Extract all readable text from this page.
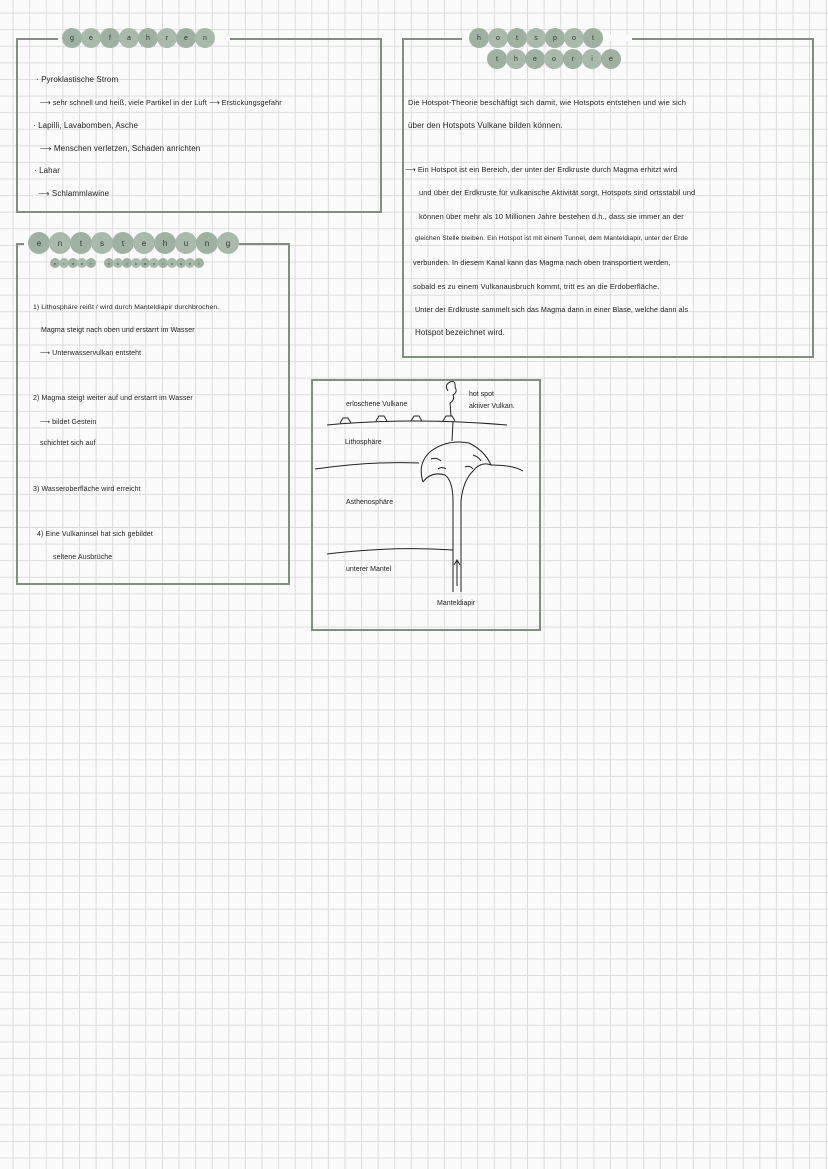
g	e	f	a	h	r	e	n
· Pyroklastische Strom
⟶ sehr schnell und heiß, viele Partikel in der Luft ⟶ Erstickungsgefahr
· Lapilli, Lavabomben, Asche
⟶ Menschen verletzen, Schaden anrichten
· Lahar
⟶ Schlammlawine
h	o	t	s	p	o	t
t	h	e	o	r	i	e
Die Hotspot-Theorie beschäftigt sich damit, wie Hotspots entstehen und wie sich
über den Hotspots Vulkane bilden können.
⟶ Ein Hotspot ist ein Bereich, der unter der Erdkruste durch Magma erhitzt wird
und über der Erdkruste für vulkanische Aktivität sorgt. Hotspots sind ortsstabil und
können über mehr als 10 Millionen Jahre bestehen d.h., dass sie immer an der
gleichen Stelle bleiben. Ein Hotspot ist mit einem Tunnel, dem Manteldiapir, unter der Erde
verbunden. In diesem Kanal kann das Magma nach oben transportiert werden,
sobald es zu einem Vulkanausbruch kommt, tritt es an die Erdoberfläche.
Unter der Erdkruste sammelt sich das Magma dann in einer Blase, welche dann als
Hotspot bezeichnet wird.
e	n	t	s	t	e	h	u	n	g
e	i	n	e	r	v	u	l	k	a	n	i	n	s	e	l
1) Lithosphäre reißt / wird durch Manteldiapir durchbrochen.
Magma steigt nach oben und erstarrt im Wasser
⟶ Unterwasservulkan entsteht
2) Magma steigt weiter auf und erstarrt im Wasser
⟶ bildet Gestein
schichtet sich auf
3) Wasseroberfläche wird erreicht
4) Eine Vulkaninsel hat sich gebildet
seltene Ausbrüche
erloschene Vulkane
hot spot
aktiver Vulkan.
Lithosphäre
Asthenosphäre
unterer Mantel
Manteldiapir
